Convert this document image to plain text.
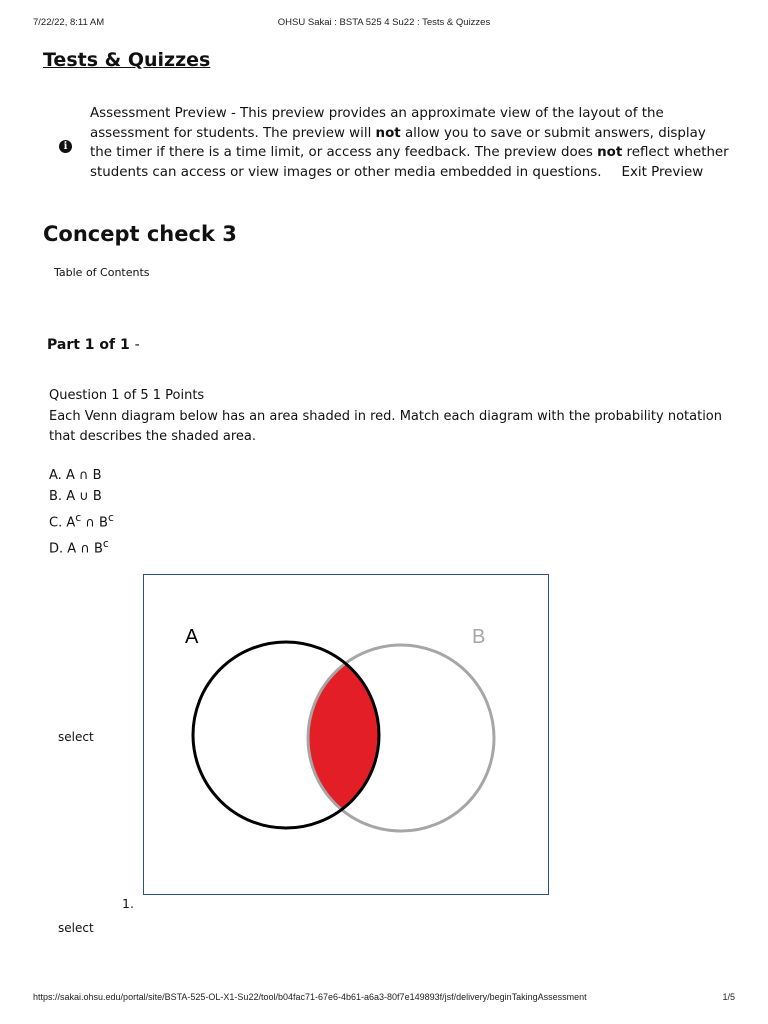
7/22/22, 8:11 AM	OHSU Sakai : BSTA 525 4 Su22 : Tests & Quizzes
Tests & Quizzes
i
Assessment Preview - This preview provides an approximate view of the layout of the assessment for students. The preview will not allow you to save or submit answers, display the timer if there is a time limit, or access any feedback. The preview does not reflect whether students can access or view images or other media embedded in questions. Exit Preview
Concept check 3
Table of Contents
Part 1 of 1 -
Question 1 of 5 1 Points
Each Venn diagram below has an area shaded in red. Match each diagram with the probability notation that describes the shaded area.
A. A ∩ B
B. A ∪ B
C. $A^c$ ∩ $B^c$
D. A ∩ $B^c$
A	B
select
1.
select
https://sakai.ohsu.edu/portal/site/BSTA-525-OL-X1-Su22/tool/b04fac71-67e6-4b61-a6a3-80f7e149893f/jsf/delivery/beginTakingAssessment	1/5
